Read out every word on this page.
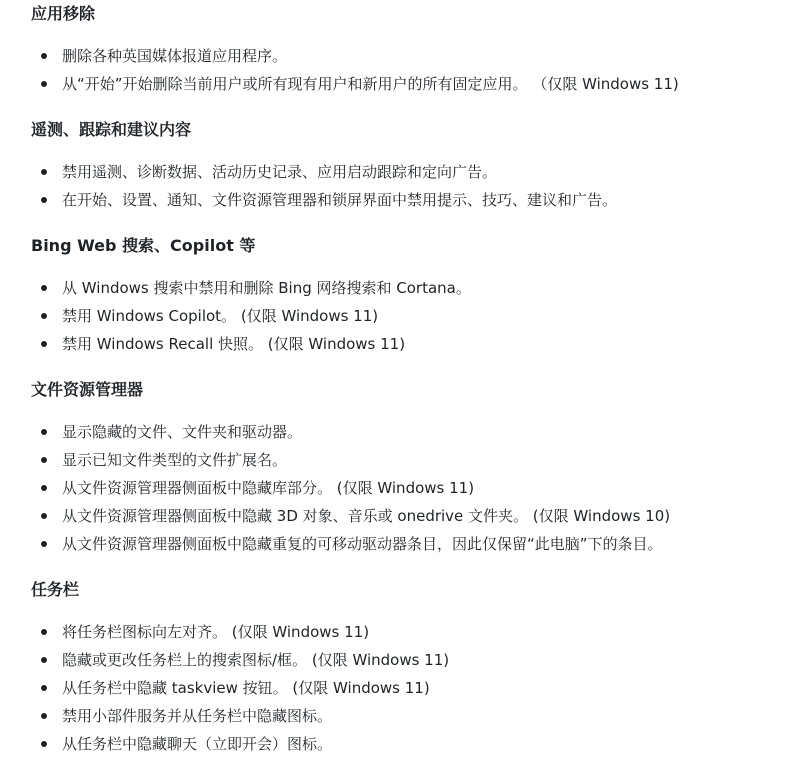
应用移除
删除各种英国媒体报道应用程序。
从“开始”开始删除当前用户或所有现有用户和新用户的所有固定应用。 （仅限 Windows 11)
遥测、跟踪和建议内容
禁用遥测、诊断数据、活动历史记录、应用启动跟踪和定向广告。
在开始、设置、通知、文件资源管理器和锁屏界面中禁用提示、技巧、建议和广告。
Bing Web 搜索、Copilot 等
从 Windows 搜索中禁用和删除 Bing 网络搜索和 Cortana。
禁用 Windows Copilot。 (仅限 Windows 11)
禁用 Windows Recall 快照。 (仅限 Windows 11)
文件资源管理器
显示隐藏的文件、文件夹和驱动器。
显示已知文件类型的文件扩展名。
从文件资源管理器侧面板中隐藏库部分。 (仅限 Windows 11)
从文件资源管理器侧面板中隐藏 3D 对象、音乐或 onedrive 文件夹。 (仅限 Windows 10)
从文件资源管理器侧面板中隐藏重复的可移动驱动器条目，因此仅保留“此电脑”下的条目。
任务栏
将任务栏图标向左对齐。 (仅限 Windows 11)
隐藏或更改任务栏上的搜索图标/框。 (仅限 Windows 11)
从任务栏中隐藏 taskview 按钮。 (仅限 Windows 11)
禁用小部件服务并从任务栏中隐藏图标。
从任务栏中隐藏聊天（立即开会）图标。
